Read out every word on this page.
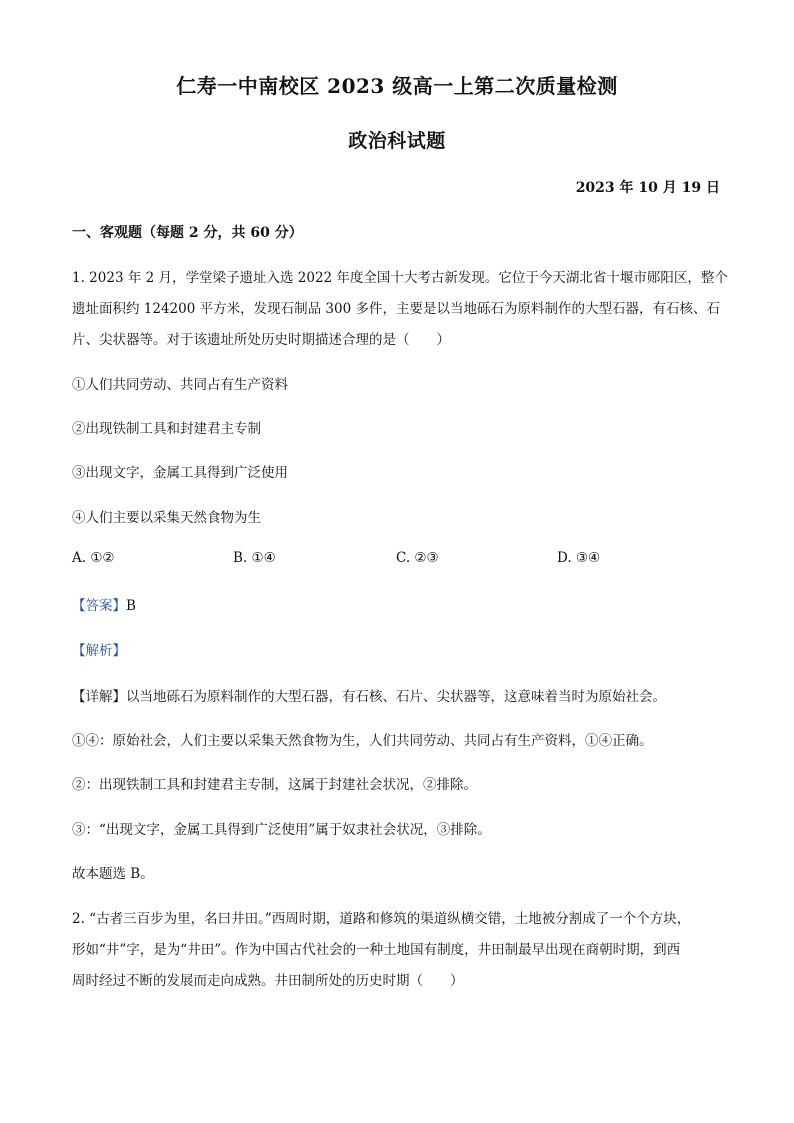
仁寿一中南校区 2023 级高一上第二次质量检测
政治科试题
2023 年 10 月 19 日
一、客观题（每题 2 分，共 60 分）
1. 2023 年 2 月，学堂梁子遗址入选 2022 年度全国十大考古新发现。它位于今天湖北省十堰市郧阳区，整个
遗址面积约 124200 平方米，发现石制品 300 多件，主要是以当地砾石为原料制作的大型石器，有石核、石
片、尖状器等。对于该遗址所处历史时期描述合理的是（　　）
①人们共同劳动、共同占有生产资料
②出现铁制工具和封建君主专制
③出现文字，金属工具得到广泛使用
④人们主要以采集天然食物为生
A. ①②	B. ①④	C. ②③	D. ③④
【答案】B
【解析】
【详解】以当地砾石为原料制作的大型石器，有石核、石片、尖状器等，这意味着当时为原始社会。
①④：原始社会，人们主要以采集天然食物为生，人们共同劳动、共同占有生产资料，①④正确。
②：出现铁制工具和封建君主专制，这属于封建社会状况，②排除。
③：“出现文字，金属工具得到广泛使用”属于奴隶社会状况，③排除。
故本题选 B。
2. “古者三百步为里，名曰井田。”西周时期，道路和修筑的渠道纵横交错，土地被分割成了一个个方块，
形如“井”字，是为“井田”。作为中国古代社会的一种土地国有制度，井田制最早出现在商朝时期，到西
周时经过不断的发展而走向成熟。井田制所处的历史时期（　　）
